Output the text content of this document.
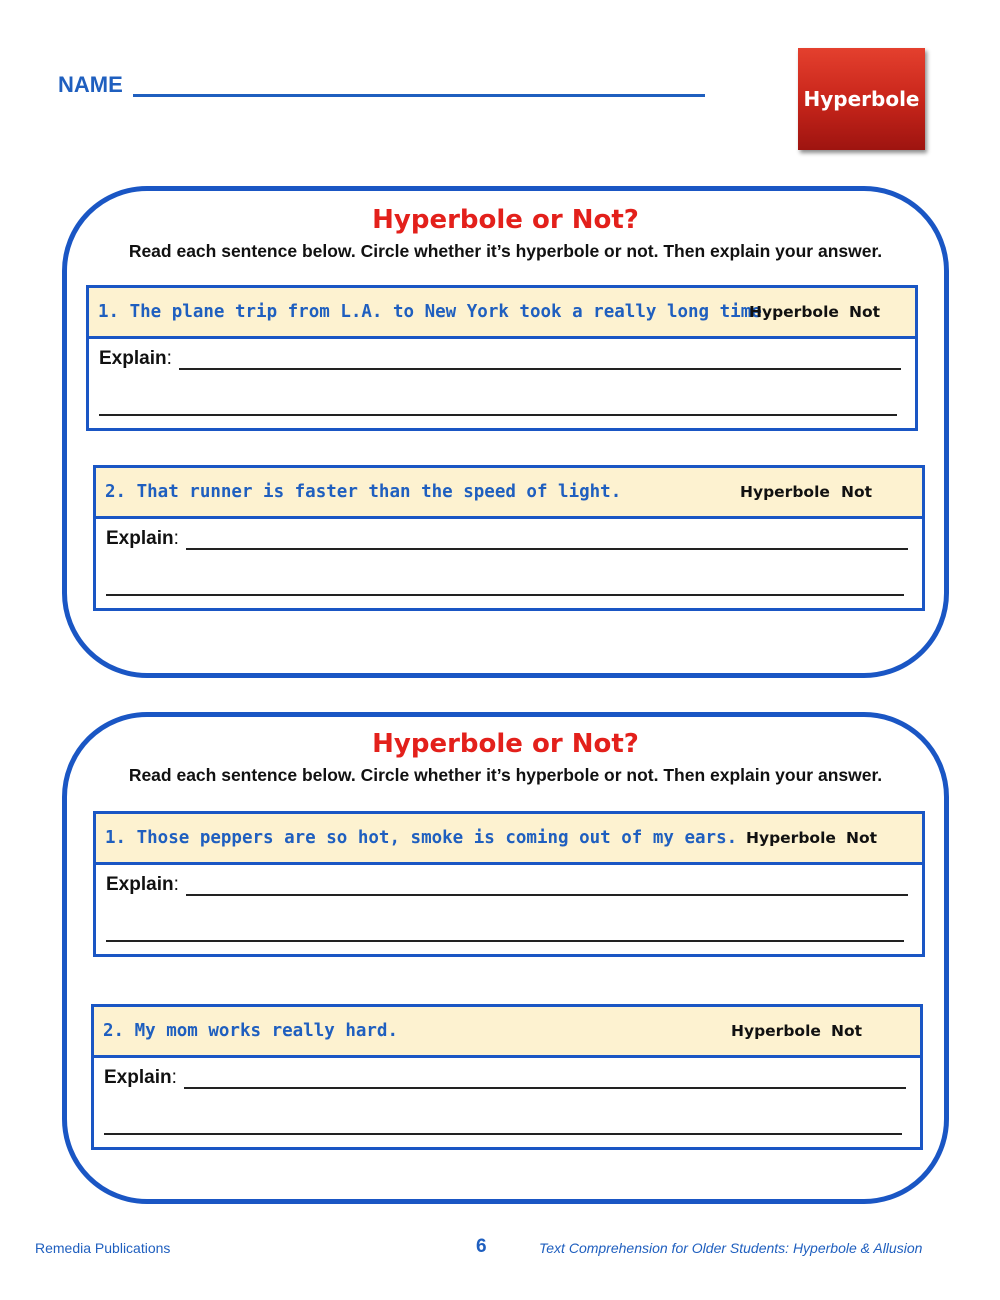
NAME
Hyperbole
Hyperbole or Not?
Read each sentence below. Circle whether it’s hyperbole or not. Then explain your answer.
1. The plane trip from L.A. to New York took a really long time.
Hyperbole Not
Explain:
2. That runner is faster than the speed of light.	Hyperbole Not
Explain:
Hyperbole or Not?
Read each sentence below. Circle whether it’s hyperbole or not. Then explain your answer.
1. Those peppers are so hot, smoke is coming out of my ears. Hyperbole Not
Explain:
2. My mom works really hard.	Hyperbole Not
Explain:
Remedia Publications	6	Text Comprehension for Older Students: Hyperbole & Allusion
